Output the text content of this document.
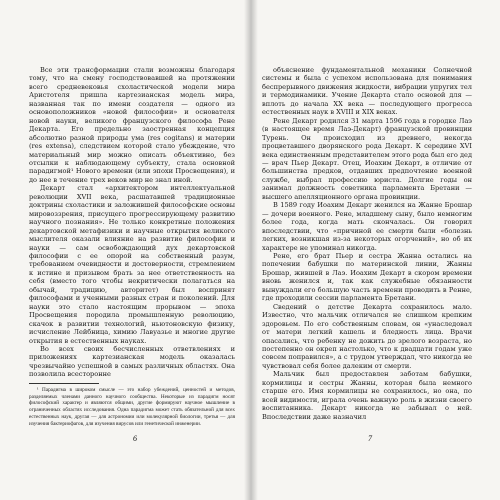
Все эти трансформации стали возможны благодаря тому, что на смену господствовавшей на протяжении всего средневековья схоластической модели мира Аристотеля пришла картезианская модель мира, названная так по имени создателя — одного из основоположников «новой философии» и основателя новой науки, великого французского философа Рене Декарта. Его предельно заостренная концепция абсолютно разной природы ума (res cogitans) и материи (res extensa), следствием которой стало убеждение, что материальный мир можно описать объективно, без отсылки к наблюдающему субъекту, стала основной парадигмой¹ Нового времени (или эпохи Просвещения), и до нее в течение трех веков мир не знал иной.

Декарт стал «архитектором интеллектуальной революции XVII века, расшатавшей традиционные доктрины схоластики и заложившей философские основы мировоззрения, присущего прогрессирующему развитию научного познания». Не только конкретные положения декартовской метафизики и научные открытия великого мыслителя оказали влияние на развитие философии и науки — сам освобождающий дух декартовской философии с ее опорой на собственный разум, требованием очевидности и достоверности, стремлением к истине и призывом брать за нее ответственность на себя (вместо того чтобы некритически полагаться на обычай, традицию, авторитет) был воспринят философами и ученными разных стран и поколений. Для науки это стало настоящим прорывом — эпоха Просвещения породила промышленную революцию, скачок в развитии технологий, ньютоновскую физику, исчисление Лейбница, химию Лавуазье и многие другие открытия в естественных науках.

Во всех своих бесчисленных ответвлениях и приложениях картезианская модель оказалась чрезвычайно успешной в самых различных областях. Она позволила всесторонне

¹ Парадигма в широком смысле — это набор убеждений, ценностей и методов, разделяемых членами данного научного сообщества. Некоторые из парадигм носят философский характер и являются общими, другие формируют научное мышление в ограниченных областях исследования. Одна парадигма может стать обязательной для всех естественных наук, другая — для астрономии или молекулярной биологии, третья — для изучения бактериофагов, для изучения вирусов или генетической инженерии.

6

объяснение фундаментальной механики Солнечной системы и была с успехом использована для понимания беспрерывного движения жидкости, вибрации упругих тел и термодинамики. Учение Декарта стало основой для — вплоть до начала XX века — последующего прогресса естественных наук в XVIII и XIX веках.

Рене Декарт родился 31 марта 1596 года в городке Лаэ (в настоящее время Лаэ-Декарт) французской провинции Турень. Он происходил из древнего, некогда процветавшего дворянского рода Декарт. К середине XVI века единственным представителем этого рода был его дед — врач Пьер Декарт. Отец, Иоахим Декарт, в отличие от большинства предков, отдавших предпочтение военной службе, выбрал профессию юриста. Долгие годы он занимал должность советника парламента Бретани — высшего апелляционного органа провинции.

В 1589 году Иоахим Декарт женился на Жанне Брошар — дочери военного. Рене, младшему сыну, было немногим более года, когда мать скончалась. Он говорил впоследствии, что «причиной ее смерти были «болезнь легких, возникшая из-за некоторых огорчений», но об их характере не упоминал никогда.

Рене, его брат Пьер и сестра Жанна остались на попечении бабушки по материнской линии, Жанны Брошар, жившей в Лаэ. Иоахим Декарт в скором времени вновь женился и, так как служебные обязанности вынуждали его большую часть времени проводить в Ренне, где проходили сессии парламента Бретани.

Сведений о детстве Декарта сохранилось мало. Известно, что мальчик отличался не слишком крепким здоровьем. По его собственным словам, он «унаследовал от матери легкий кашель и бледность лица. Врачи опасались, что ребенку не дожить до зрелого возраста, но постепенно он окреп настолько, что к двадцати годам уже совсем поправился», а с трудом утверждал, что никогда не чувствовал себя более далеким от смерти.

Мальчик был предоставлен заботам бабушки, кормилицы и сестры Жанны, которая была немного старше его. Имя кормилицы не сохранилось, но она, по всей видимости, играла очень важную роль в жизни своего воспитанника. Декарт никогда не забывал о ней. Впоследствии даже назначил

7
